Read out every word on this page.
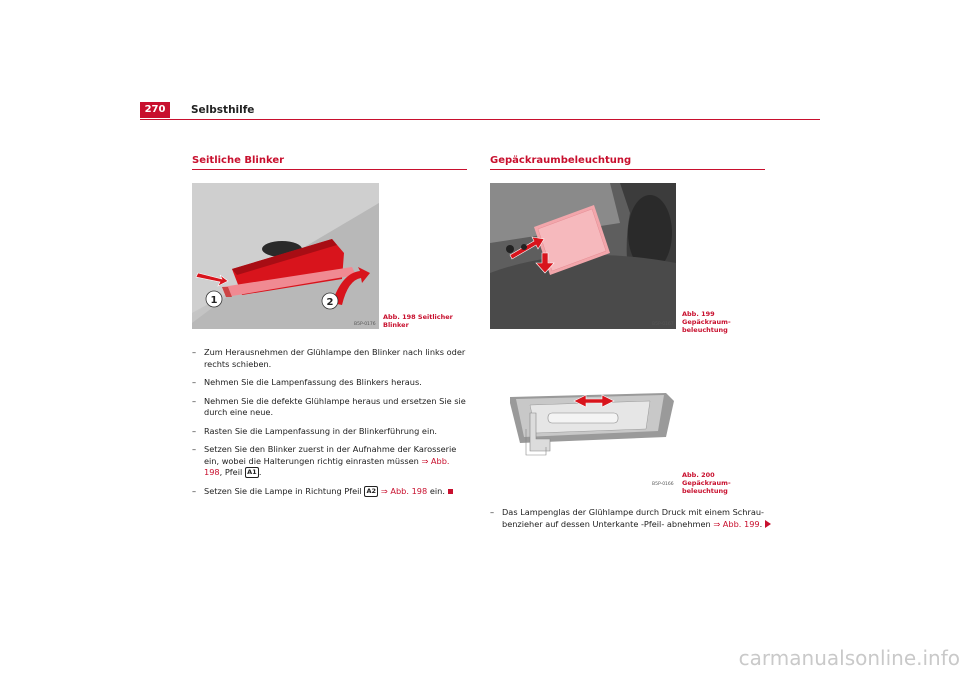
270	Selbsthilfe
Seitliche Blinker
1	2
B5P-0176
Abb. 198 Seitlicher Blinker
– Zum Herausnehmen der Glühlampe den Blinker nach links oder rechts schieben.
– Nehmen Sie die Lampenfassung des Blinkers heraus.
– Nehmen Sie die defekte Glühlampe heraus und ersetzen Sie sie durch eine neue.
– Rasten Sie die Lampenfassung in der Blinkerführung ein.
– Setzen Sie den Blinker zuerst in der Aufnahme der Karosserie ein, wobei die Halterungen richtig einrasten müssen ⇒ Abb. 198, Pfeil A1 .
– Setzen Sie die Lampe in Richtung Pfeil A2 ⇒ Abb. 198 ein.
Gepäckraumbeleuchtung
B5P-0167
Abb. 199 Gepäckraum-beleuchtung
B5P-0166
Abb. 200 Gepäckraum-beleuchtung
– Das Lampenglas der Glühlampe durch Druck mit einem Schrau-benzieher auf dessen Unterkante -Pfeil- abnehmen ⇒ Abb. 199.
carmanualsonline.info
